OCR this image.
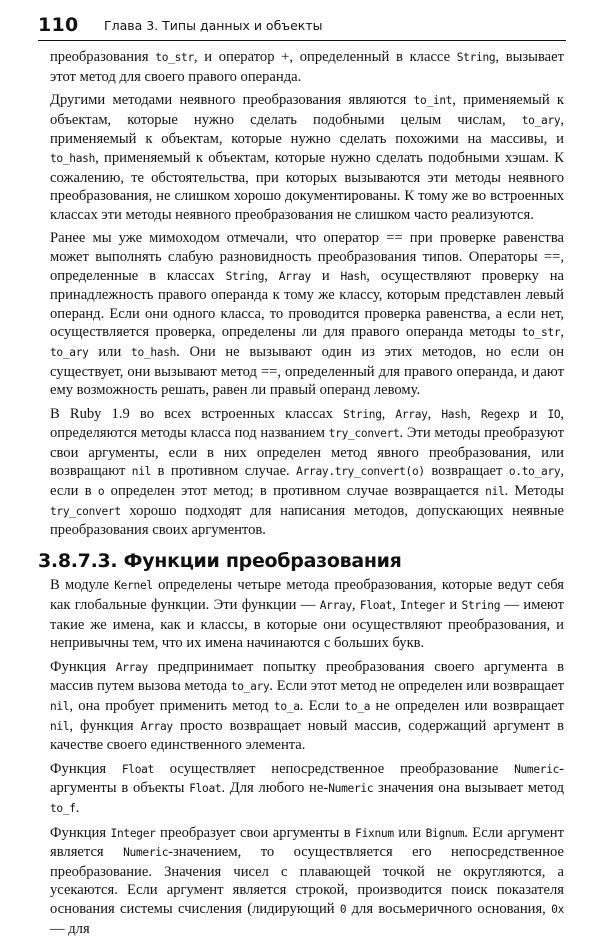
110 Глава 3. Типы данных и объекты

преобразования to_str, и оператор +, определенный в классе String, вызывает этот метод для своего правого операнда.

Другими методами неявного преобразования являются to_int, применяемый к объектам, которые нужно сделать подобными целым числам, to_ary, применяемый к объектам, которые нужно сделать похожими на массивы, и to_hash, применяемый к объектам, которые нужно сделать подобными хэшам. К сожалению, те обстоятельства, при которых вызываются эти методы неявного преобразования, не слишком хорошо документированы. К тому же во встроенных классах эти методы неявного преобразования не слишком часто реализуются.

Ранее мы уже мимоходом отмечали, что оператор == при проверке равенства может выполнять слабую разновидность преобразования типов. Операторы ==, определенные в классах String, Array и Hash, осуществляют проверку на принадлежность правого операнда к тому же классу, которым представлен левый операнд. Если они одного класса, то проводится проверка равенства, а если нет, осуществляется проверка, определены ли для правого операнда методы to_str, to_ary или to_hash. Они не вызывают один из этих методов, но если он существует, они вызывают метод ==, определенный для правого операнда, и дают ему возможность решать, равен ли правый операнд левому.

В Ruby 1.9 во всех встроенных классах String, Array, Hash, Regexp и IO, определяются методы класса под названием try_convert. Эти методы преобразуют свои аргументы, если в них определен метод явного преобразования, или возвращают nil в противном случае. Array.try_convert(o) возвращает o.to_ary, если в o определен этот метод; в противном случае возвращается nil. Методы try_convert хорошо подходят для написания методов, допускающих неявные преобразования своих аргументов.

3.8.7.3. Функции преобразования

В модуле Kernel определены четыре метода преобразования, которые ведут себя как глобальные функции. Эти функции — Array, Float, Integer и String — имеют такие же имена, как и классы, в которые они осуществляют преобразования, и непривычны тем, что их имена начинаются с больших букв.

Функция Array предпринимает попытку преобразования своего аргумента в массив путем вызова метода to_ary. Если этот метод не определен или возвращает nil, она пробует применить метод to_a. Если to_a не определен или возвращает nil, функция Array просто возвращает новый массив, содержащий аргумент в качестве своего единственного элемента.

Функция Float осуществляет непосредственное преобразование Numeric-аргументы в объекты Float. Для любого не-Numeric значения она вызывает метод to_f.

Функция Integer преобразует свои аргументы в Fixnum или Bignum. Если аргумент является Numeric-значением, то осуществляется его непосредственное преобразование. Значения чисел с плавающей точкой не округляются, а усекаются. Если аргумент является строкой, производится поиск показателя основания системы счисления (лидирующий 0 для восьмеричного основания, 0x — для
